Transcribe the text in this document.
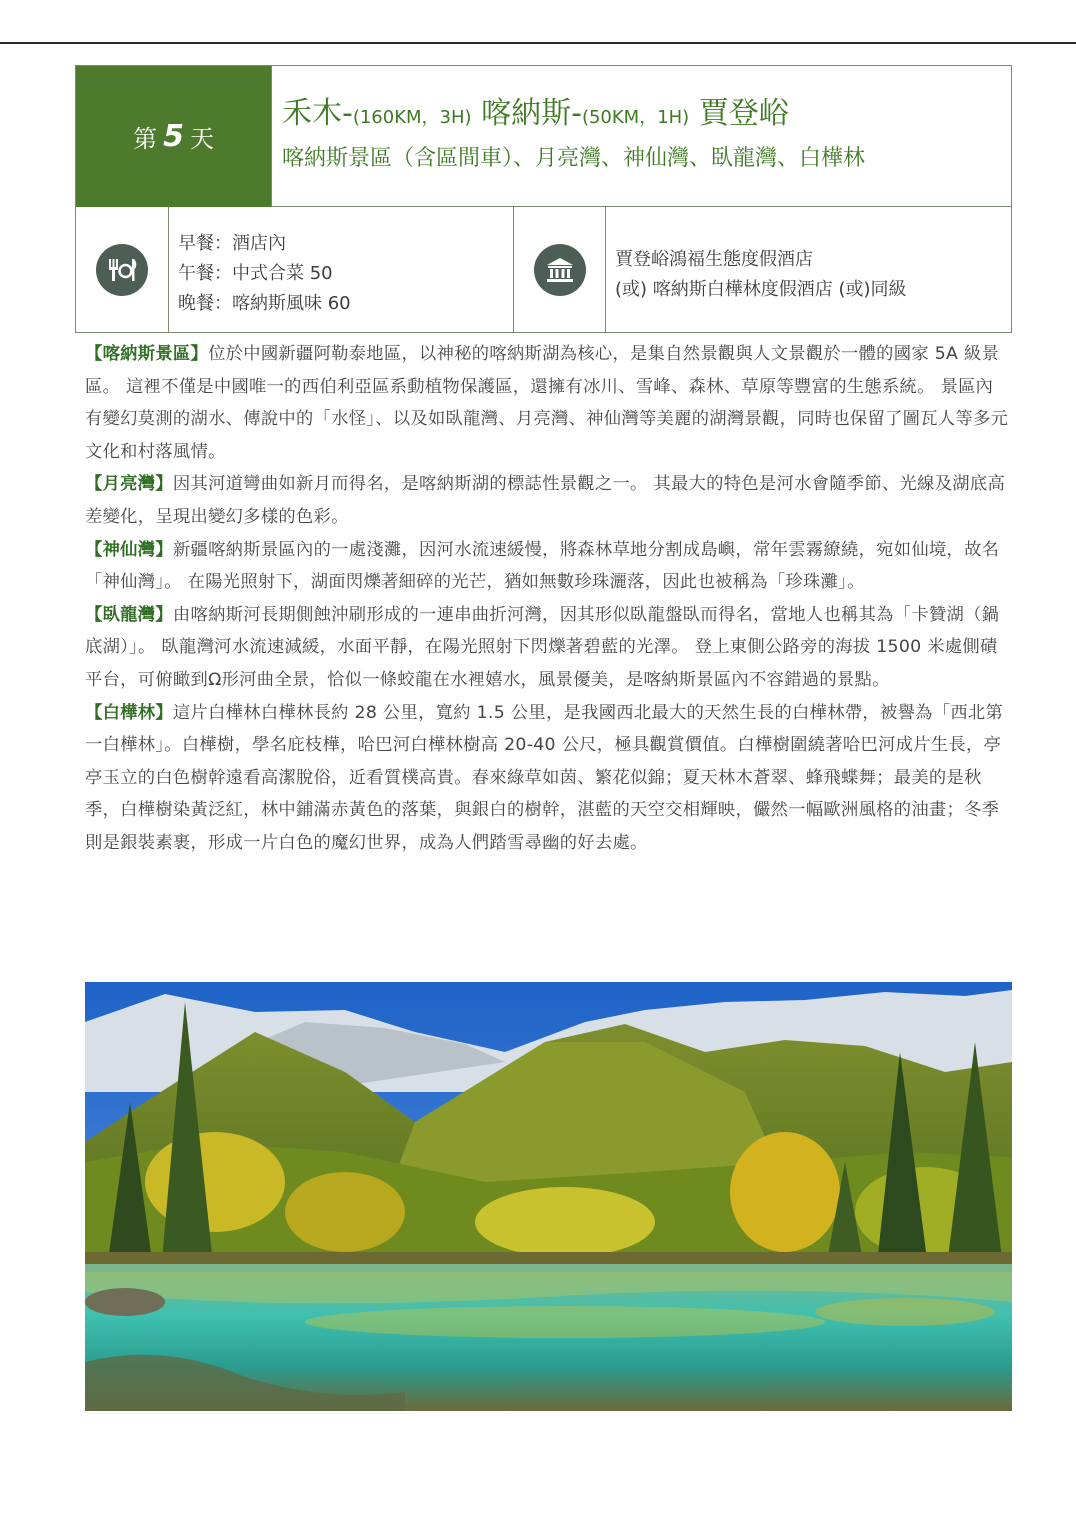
第 5 天
禾木-(160KM，3H) 喀納斯-(50KM，1H) 賈登峪
喀納斯景區（含區間車）、月亮灣、神仙灣、臥龍灣、白樺林
早餐：酒店內
午餐：中式合菜 50
晚餐：喀納斯風味 60
賈登峪鴻福生態度假酒店
(或) 喀納斯白樺林度假酒店 (或)同級

【喀納斯景區】位於中國新疆阿勒泰地區，以神秘的喀納斯湖為核心，是集自然景觀與人文景觀於一體的國家 5A 級景區。 這裡不僅是中國唯一的西伯利亞區系動植物保護區，還擁有冰川、雪峰、森林、草原等豐富的生態系統。 景區內有變幻莫測的湖水、傳說中的「水怪」、以及如臥龍灣、月亮灣、神仙灣等美麗的湖灣景觀，同時也保留了圖瓦人等多元文化和村落風情。

【月亮灣】因其河道彎曲如新月而得名，是喀納斯湖的標誌性景觀之一。 其最大的特色是河水會隨季節、光線及湖底高差變化，呈現出變幻多樣的色彩。

【神仙灣】新疆喀納斯景區內的一處淺灘，因河水流速緩慢，將森林草地分割成島嶼，常年雲霧繚繞，宛如仙境，故名「神仙灣」。 在陽光照射下，湖面閃爍著細碎的光芒，猶如無數珍珠灑落，因此也被稱為「珍珠灘」。

【臥龍灣】由喀納斯河長期側蝕沖刷形成的一連串曲折河灣，因其形似臥龍盤臥而得名，當地人也稱其為「卡贊湖（鍋底湖）」。 臥龍灣河水流速減緩，水面平靜，在陽光照射下閃爍著碧藍的光澤。 登上東側公路旁的海拔 1500 米處側磧平台，可俯瞰到Ω形河曲全景，恰似一條蛟龍在水裡嬉水，風景優美，是喀納斯景區內不容錯過的景點。

【白樺林】這片白樺林白樺林長約 28 公里，寬約 1.5 公里，是我國西北最大的天然生長的白樺林帶，被譽為「西北第一白樺林」。白樺樹，學名庇枝樺，哈巴河白樺林樹高 20-40 公尺，極具觀賞價值。白樺樹圍繞著哈巴河成片生長，亭亭玉立的白色樹幹遠看高潔脫俗，近看質樸高貴。春來綠草如茵、繁花似錦；夏天林木蒼翠、蜂飛蝶舞；最美的是秋季，白樺樹染黃泛紅，林中鋪滿赤黃色的落葉，與銀白的樹幹，湛藍的天空交相輝映，儼然一幅歐洲風格的油畫；冬季則是銀裝素裹，形成一片白色的魔幻世界，成為人們踏雪尋幽的好去處。
